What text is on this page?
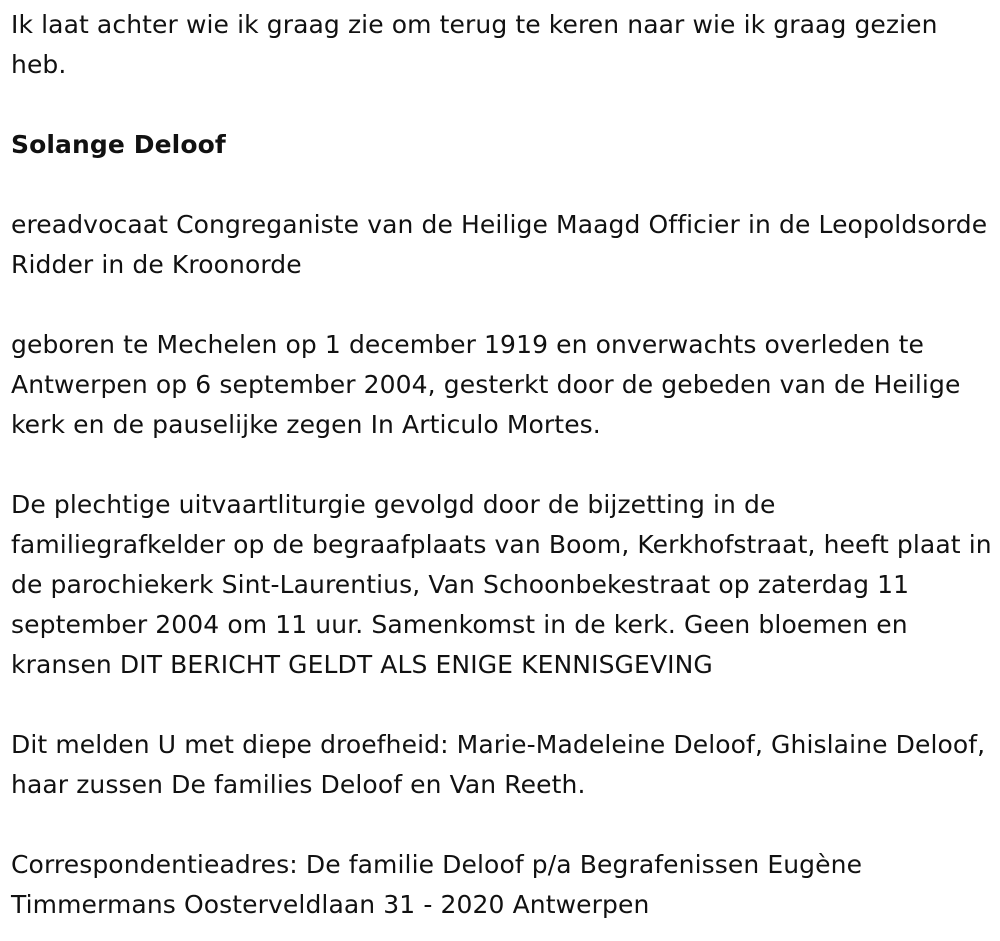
Ik laat achter wie ik graag zie om terug te keren naar wie ik graag gezien heb.

Solange Deloof

ereadvocaat Congreganiste van de Heilige Maagd Officier in de Leopoldsorde Ridder in de Kroonorde

geboren te Mechelen op 1 december 1919 en onverwachts overleden te Antwerpen op 6 september 2004, gesterkt door de gebeden van de Heilige kerk en de pauselijke zegen In Articulo Mortes.

De plechtige uitvaartliturgie gevolgd door de bijzetting in de familiegrafkelder op de begraafplaats van Boom, Kerkhofstraat, heeft plaat in de parochiekerk Sint-Laurentius, Van Schoonbekestraat op zaterdag 11 september 2004 om 11 uur. Samenkomst in de kerk. Geen bloemen en kransen DIT BERICHT GELDT ALS ENIGE KENNISGEVING

Dit melden U met diepe droefheid: Marie-Madeleine Deloof, Ghislaine Deloof, haar zussen De families Deloof en Van Reeth.

Correspondentieadres: De familie Deloof p/a Begrafenissen Eugène Timmermans Oosterveldlaan 31 - 2020 Antwerpen
